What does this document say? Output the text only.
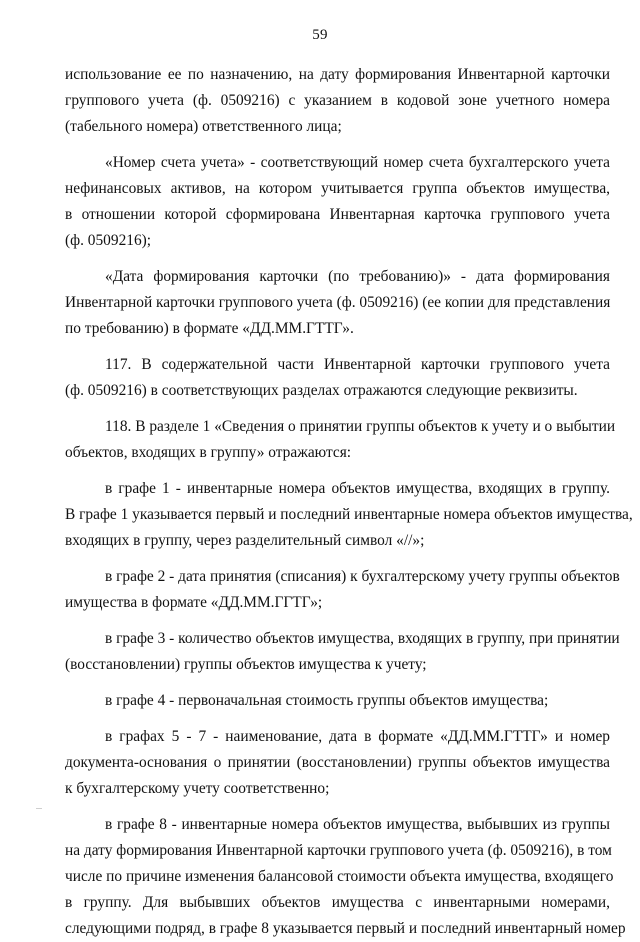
59
использование ее по назначению, на дату формирования Инвентарной карточки
группового учета (ф. 0509216) с указанием в кодовой зоне учетного номера
(табельного номера) ответственного лица;
«Номер счета учета» - соответствующий номер счета бухгалтерского учета
нефинансовых активов, на котором учитывается группа объектов имущества,
в отношении которой сформирована Инвентарная карточка группового учета
(ф. 0509216);
«Дата формирования карточки (по требованию)» - дата формирования
Инвентарной карточки группового учета (ф. 0509216) (ее копии для представления
по требованию) в формате «ДД.ММ.ГТТГ».
117. В содержательной части Инвентарной карточки группового учета
(ф. 0509216) в соответствующих разделах отражаются следующие реквизиты.
118. В разделе 1 «Сведения о принятии группы объектов к учету и о выбытии
объектов, входящих в группу» отражаются:
в графе 1 - инвентарные номера объектов имущества, входящих в группу.
В графе 1 указывается первый и последний инвентарные номера объектов имущества,
входящих в группу, через разделительный символ «//»;
в графе 2 - дата принятия (списания) к бухгалтерскому учету группы объектов
имущества в формате «ДД.ММ.ГГТГ»;
в графе 3 - количество объектов имущества, входящих в группу, при принятии
(восстановлении) группы объектов имущества к учету;
в графе 4 - первоначальная стоимость группы объектов имущества;
в графах 5 - 7 - наименование, дата в формате «ДД.ММ.ГТТГ» и номер
документа-основания о принятии (восстановлении) группы объектов имущества
к бухгалтерскому учету соответственно;
в графе 8 - инвентарные номера объектов имущества, выбывших из группы
на дату формирования Инвентарной карточки группового учета (ф. 0509216), в том
числе по причине изменения балансовой стоимости объекта имущества, входящего
в группу. Для выбывших объектов имущества с инвентарными номерами,
следующими подряд, в графе 8 указывается первый и последний инвентарный номер
